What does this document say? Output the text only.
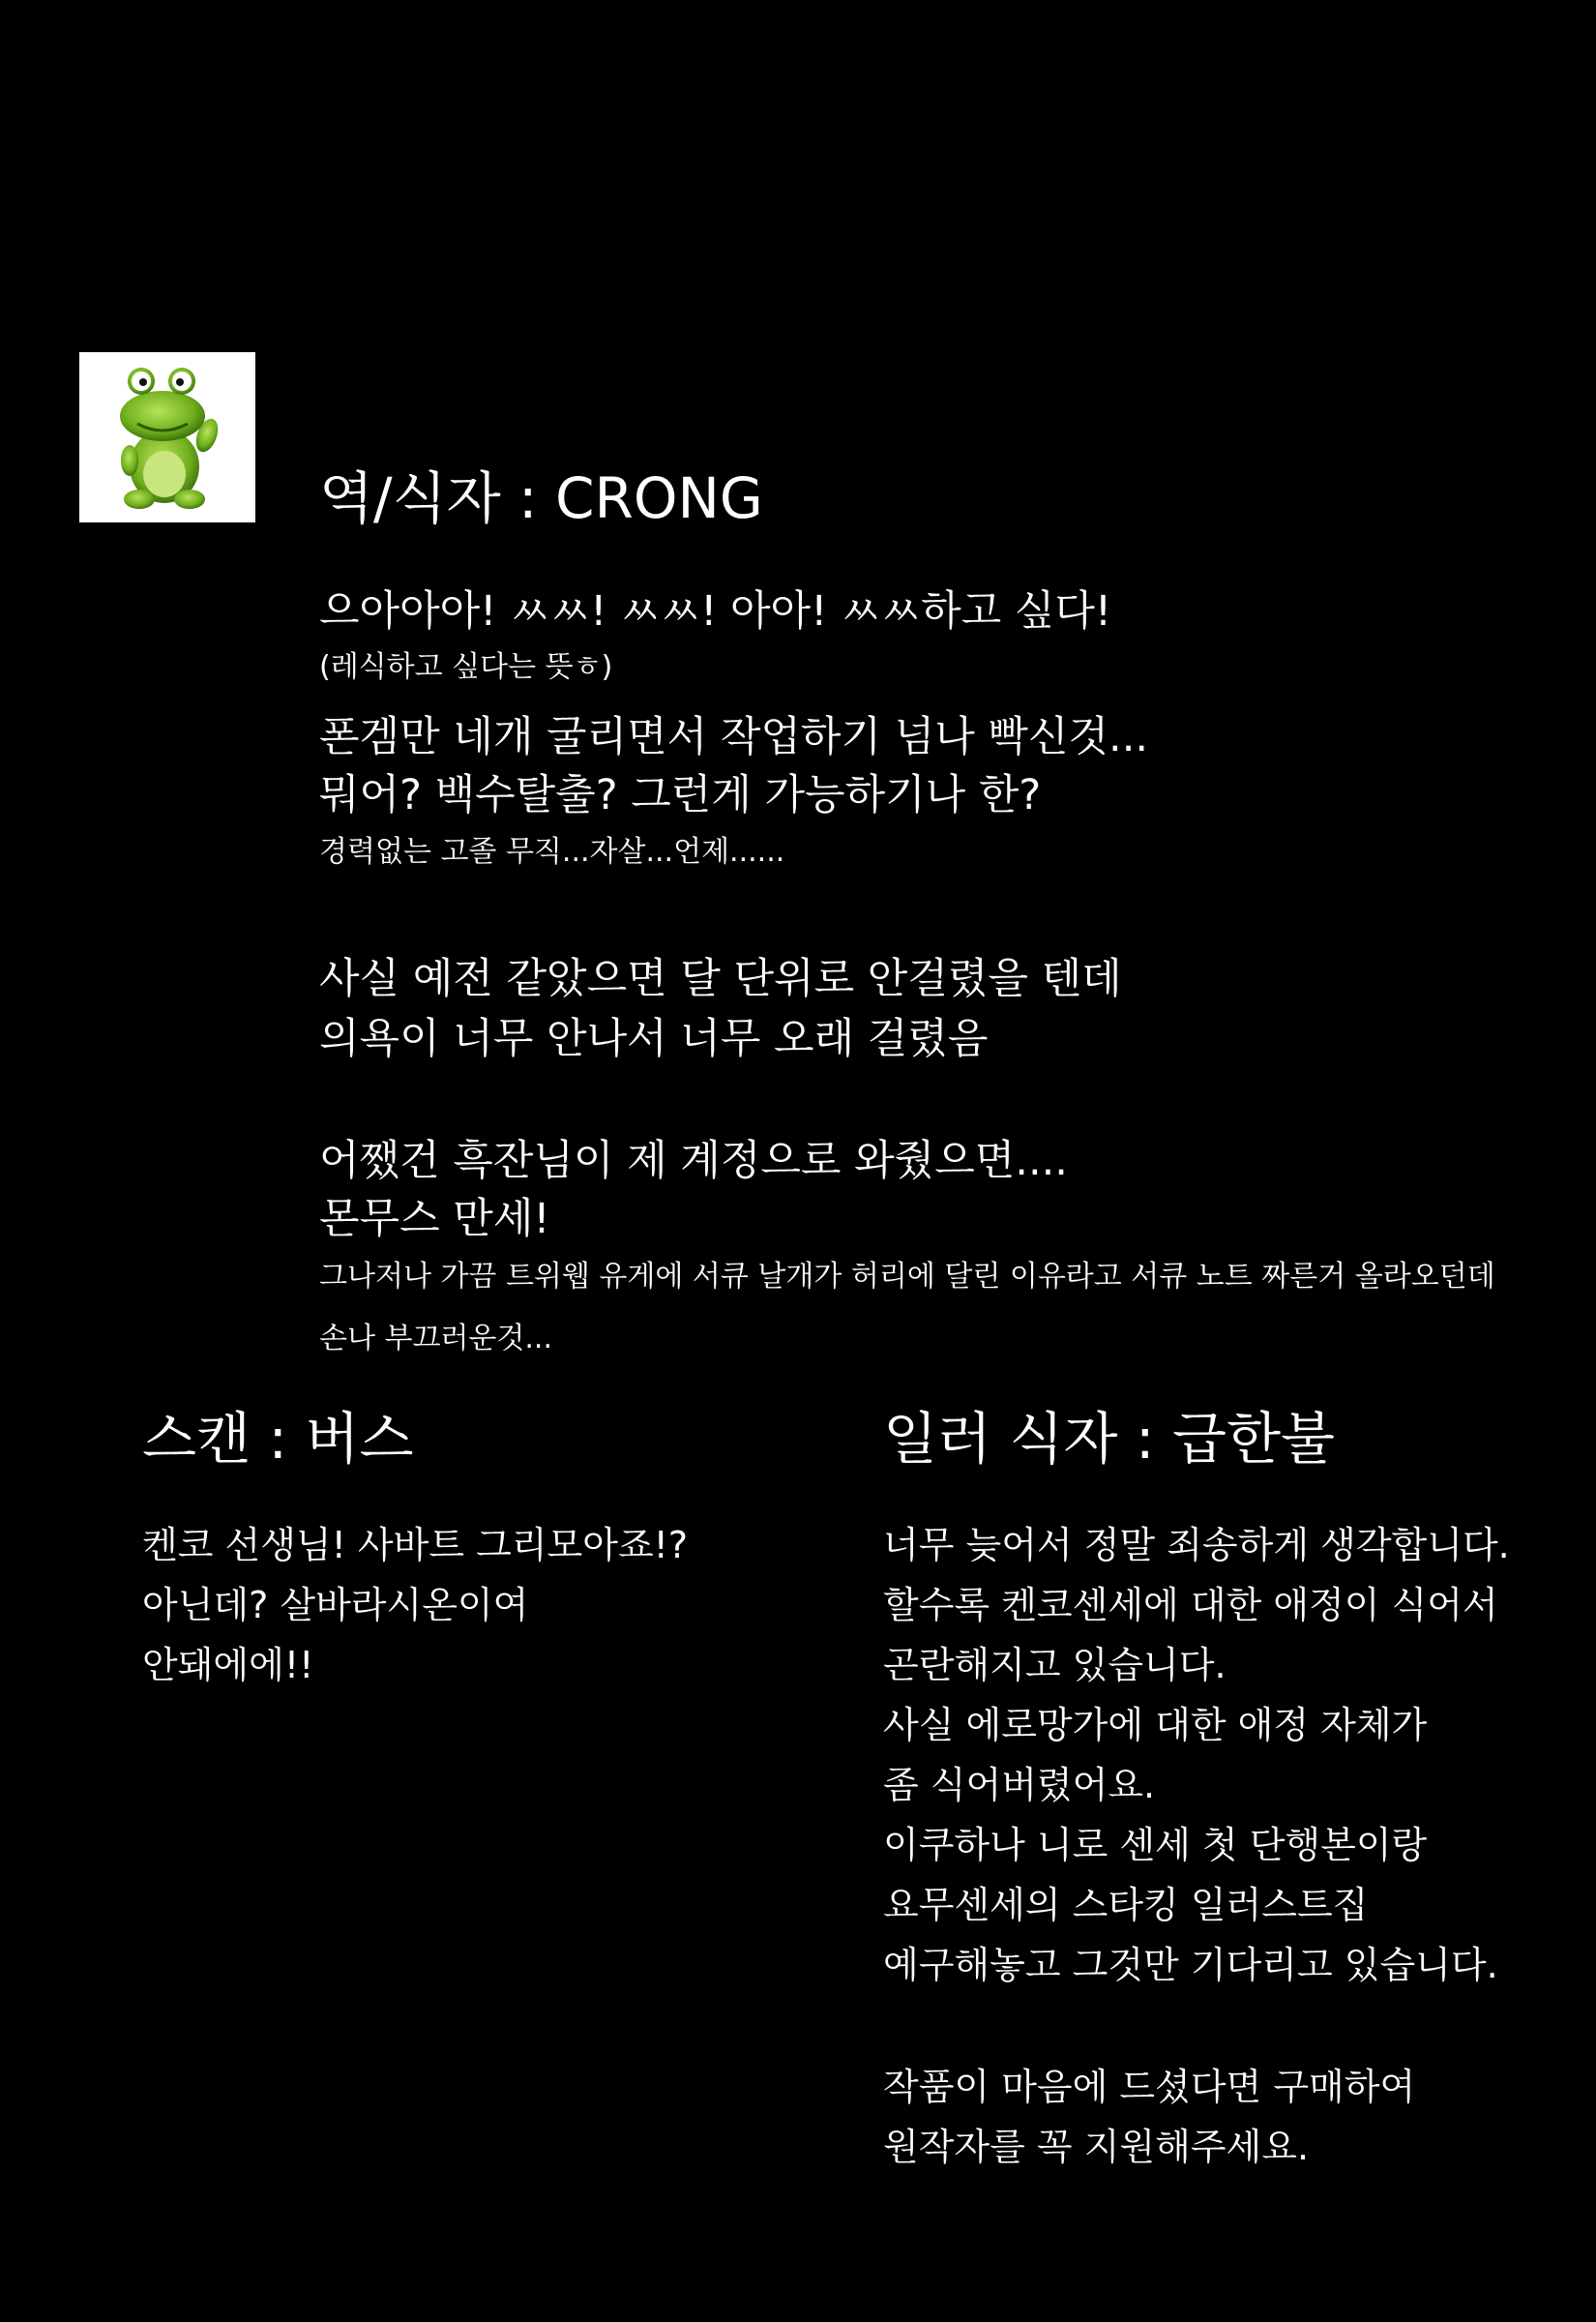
역/식자 : CRONG
으아아아! ㅆㅆ! ㅆㅆ! 아아! ㅆㅆ하고 싶다!
(레식하고 싶다는 뜻ㅎ)
폰겜만 네개 굴리면서 작업하기 넘나 빡신것...
뭐어? 백수탈출? 그런게 가능하기나 한?
경력없는 고졸 무직...자살...언제......
사실 예전 같았으면 달 단위로 안걸렸을 텐데
의욕이 너무 안나서 너무 오래 걸렸음
어쨌건 흑잔님이 제 계정으로 와줬으면....
몬무스 만세!
그나저나 가끔 트위웹 유게에 서큐 날개가 허리에 달린 이유라고 서큐 노트 짜른거 올라오던데
손나 부끄러운것...
스캔 : 버스
켄코 선생님! 사바트 그리모아죠!?
아닌데? 살바라시온이여
안돼에에!!
일러 식자 : 급한불
너무 늦어서 정말 죄송하게 생각합니다.
할수록 켄코센세에 대한 애정이 식어서
곤란해지고 있습니다.
사실 에로망가에 대한 애정 자체가
좀 식어버렸어요.
이쿠하나 니로 센세 첫 단행본이랑
요무센세의 스타킹 일러스트집
예구해놓고 그것만 기다리고 있습니다.
작품이 마음에 드셨다면 구매하여
원작자를 꼭 지원해주세요.
